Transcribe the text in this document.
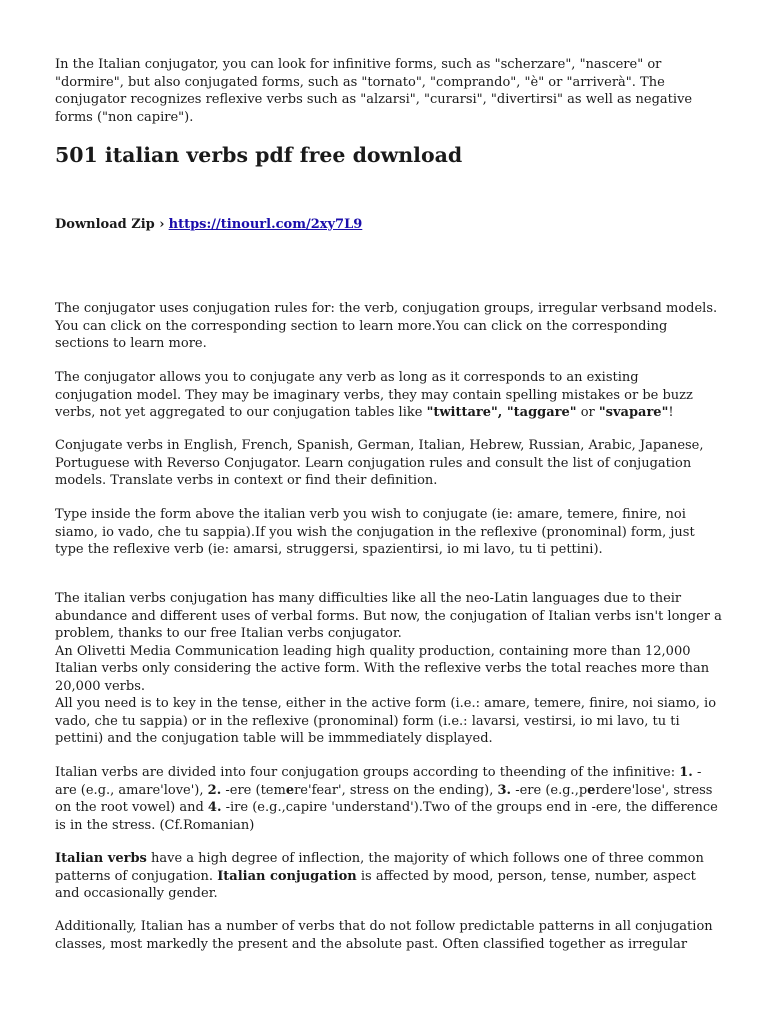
In the Italian conjugator, you can look for infinitive forms, such as "scherzare", "nascere" or "dormire", but also conjugated forms, such as "tornato", "comprando", "è" or "arriverà". The conjugator recognizes reflexive verbs such as "alzarsi", "curarsi", "divertirsi" as well as negative forms ("non capire").

501 italian verbs pdf free download

Download Zip › https://tinourl.com/2xy7L9

The conjugator uses conjugation rules for: the verb, conjugation groups, irregular verbsand models. You can click on the corresponding section to learn more.You can click on the corresponding sections to learn more.

The conjugator allows you to conjugate any verb as long as it corresponds to an existing conjugation model. They may be imaginary verbs, they may contain spelling mistakes or be buzz verbs, not yet aggregated to our conjugation tables like "twittare", "taggare" or "svapare"!

Conjugate verbs in English, French, Spanish, German, Italian, Hebrew, Russian, Arabic, Japanese, Portuguese with Reverso Conjugator. Learn conjugation rules and consult the list of conjugation models. Translate verbs in context or find their definition.

Type inside the form above the italian verb you wish to conjugate (ie: amare, temere, finire, noi siamo, io vado, che tu sappia).If you wish the conjugation in the reflexive (pronominal) form, just type the reflexive verb (ie: amarsi, struggersi, spazientirsi, io mi lavo, tu ti pettini).

The italian verbs conjugation has many difficulties like all the neo-Latin languages due to their abundance and different uses of verbal forms. But now, the conjugation of Italian verbs isn't longer a problem, thanks to our free Italian verbs conjugator.
An Olivetti Media Communication leading high quality production, containing more than 12,000 Italian verbs only considering the active form. With the reflexive verbs the total reaches more than 20,000 verbs.
All you need is to key in the tense, either in the active form (i.e.: amare, temere, finire, noi siamo, io vado, che tu sappia) or in the reflexive (pronominal) form (i.e.: lavarsi, vestirsi, io mi lavo, tu ti pettini) and the conjugation table will be immmediately displayed.

Italian verbs are divided into four conjugation groups according to theending of the infinitive: 1. -are (e.g., amare'love'), 2. -ere (temere'fear', stress on the ending), 3. -ere (e.g.,perdere'lose', stress on the root vowel) and 4. -ire (e.g.,capire 'understand').Two of the groups end in -ere, the difference is in the stress. (Cf.Romanian)

Italian verbs have a high degree of inflection, the majority of which follows one of three common patterns of conjugation. Italian conjugation is affected by mood, person, tense, number, aspect and occasionally gender.

Additionally, Italian has a number of verbs that do not follow predictable patterns in all conjugation classes, most markedly the present and the absolute past. Often classified together as irregular
